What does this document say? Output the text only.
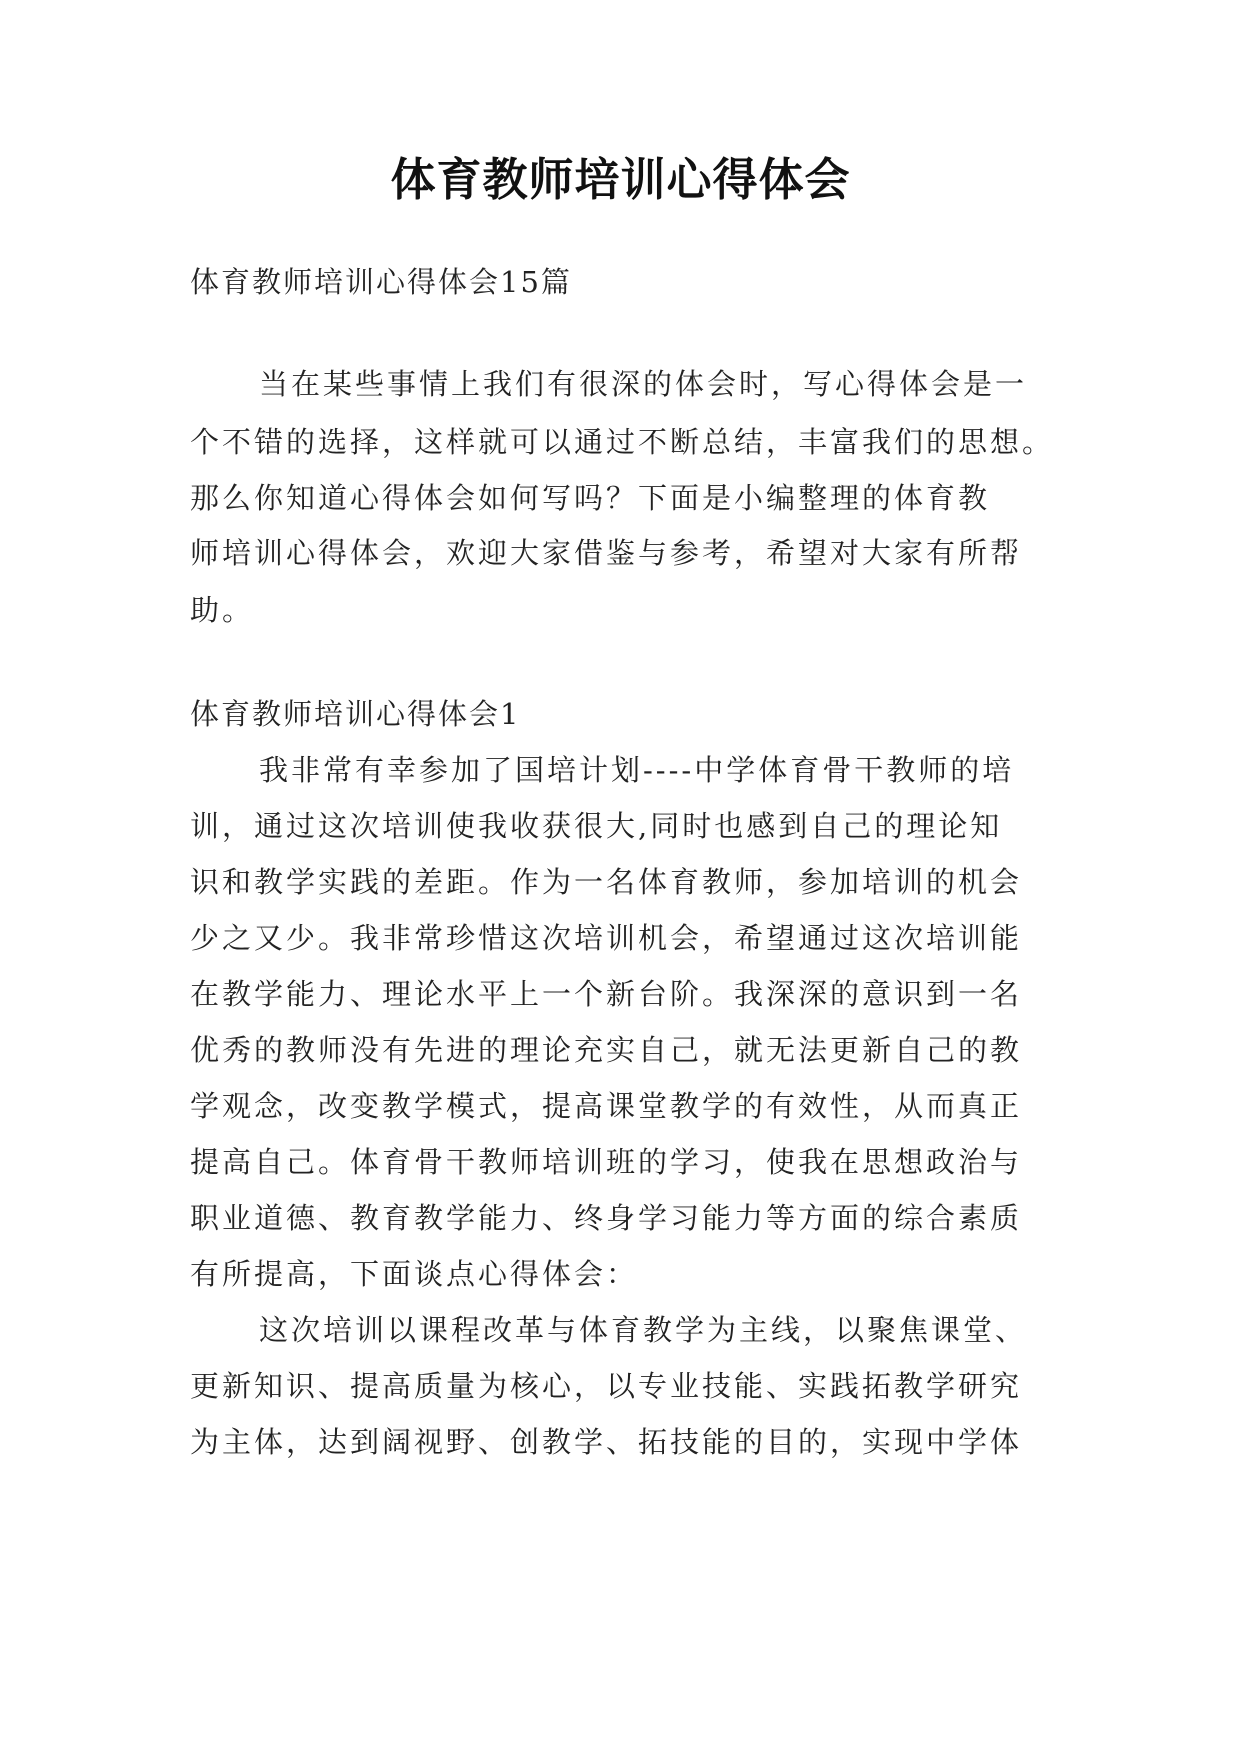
体育教师培训心得体会

体育教师培训心得体会15篇

当在某些事情上我们有很深的体会时，写心得体会是一

个不错的选择，这样就可以通过不断总结，丰富我们的思想。

那么你知道心得体会如何写吗？下面是小编整理的体育教

师培训心得体会，欢迎大家借鉴与参考，希望对大家有所帮

助。

体育教师培训心得体会1

我非常有幸参加了国培计划----中学体育骨干教师的培

训，通过这次培训使我收获很大,同时也感到自己的理论知

识和教学实践的差距。作为一名体育教师，参加培训的机会

少之又少。我非常珍惜这次培训机会，希望通过这次培训能

在教学能力、理论水平上一个新台阶。我深深的意识到一名

优秀的教师没有先进的理论充实自己，就无法更新自己的教

学观念，改变教学模式，提高课堂教学的有效性，从而真正

提高自己。体育骨干教师培训班的学习，使我在思想政治与

职业道德、教育教学能力、终身学习能力等方面的综合素质

有所提高，下面谈点心得体会：

这次培训以课程改革与体育教学为主线，以聚焦课堂、

更新知识、提高质量为核心，以专业技能、实践拓教学研究

为主体，达到阔视野、创教学、拓技能的目的，实现中学体
